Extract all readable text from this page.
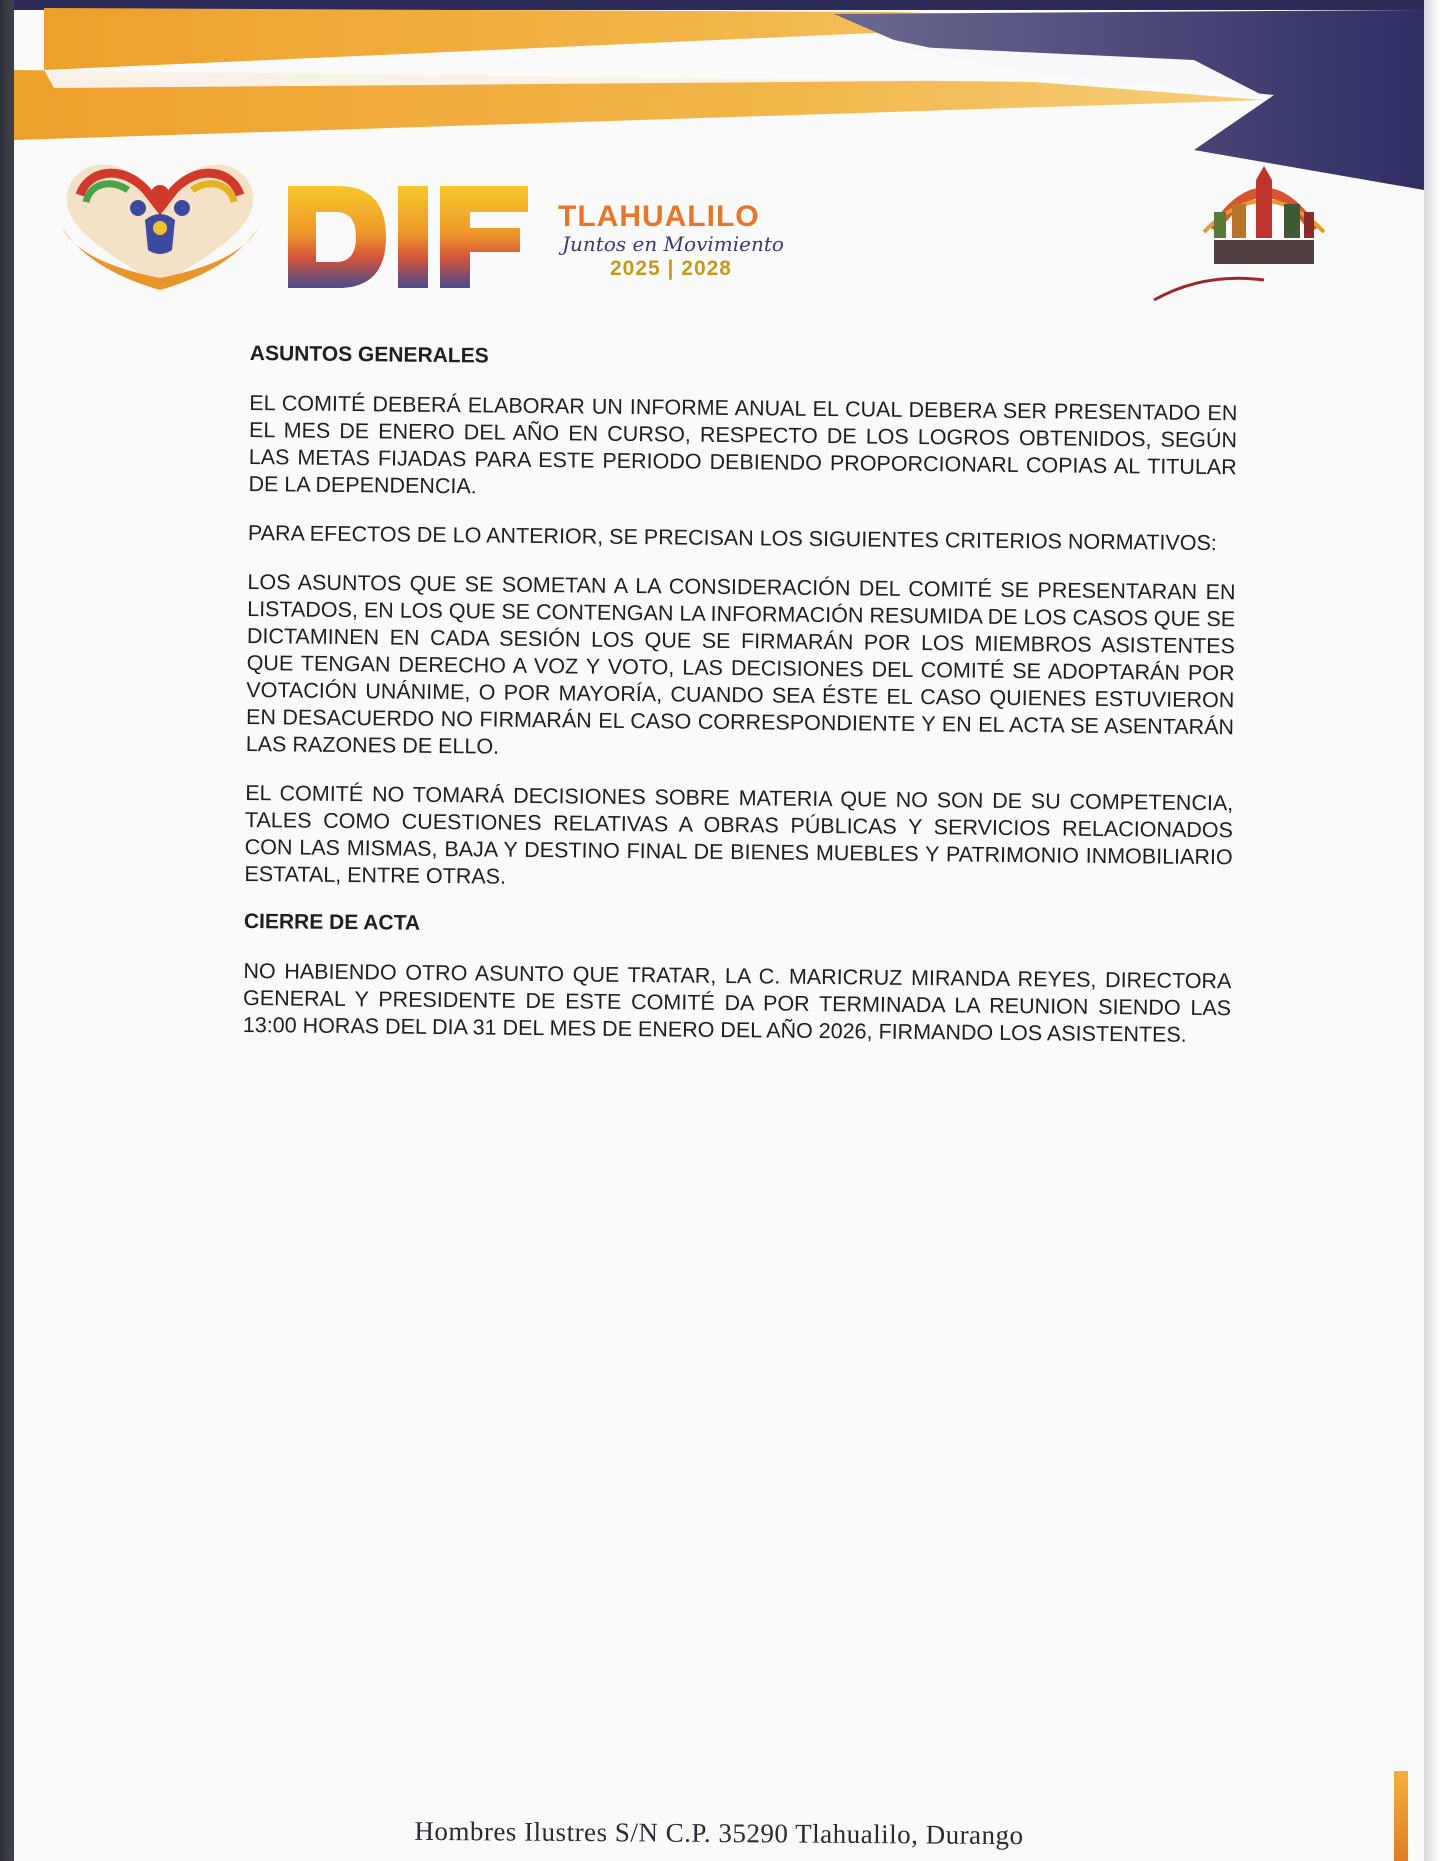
TLAHUALILO
Juntos en Movimiento
2025 | 2028
ASUNTOS GENERALES

EL COMITÉ DEBERÁ ELABORAR UN INFORME ANUAL EL CUAL DEBERA SER PRESENTADO EN EL MES DE ENERO DEL AÑO EN CURSO, RESPECTO DE LOS LOGROS OBTENIDOS, SEGÚN LAS METAS FIJADAS PARA ESTE PERIODO DEBIENDO PROPORCIONARL COPIAS AL TITULAR DE LA DEPENDENCIA.

PARA EFECTOS DE LO ANTERIOR, SE PRECISAN LOS SIGUIENTES CRITERIOS NORMATIVOS:

LOS ASUNTOS QUE SE SOMETAN A LA CONSIDERACIÓN DEL COMITÉ SE PRESENTARAN EN LISTADOS, EN LOS QUE SE CONTENGAN LA INFORMACIÓN RESUMIDA DE LOS CASOS QUE SE DICTAMINEN EN CADA SESIÓN LOS QUE SE FIRMARÁN POR LOS MIEMBROS ASISTENTES QUE TENGAN DERECHO A VOZ Y VOTO, LAS DECISIONES DEL COMITÉ SE ADOPTARÁN POR VOTACIÓN UNÁNIME, O POR MAYORÍA, CUANDO SEA ÉSTE EL CASO QUIENES ESTUVIERON EN DESACUERDO NO FIRMARÁN EL CASO CORRESPONDIENTE Y EN EL ACTA SE ASENTARÁN LAS RAZONES DE ELLO.

EL COMITÉ NO TOMARÁ DECISIONES SOBRE MATERIA QUE NO SON DE SU COMPETENCIA, TALES COMO CUESTIONES RELATIVAS A OBRAS PÚBLICAS Y SERVICIOS RELACIONADOS CON LAS MISMAS, BAJA Y DESTINO FINAL DE BIENES MUEBLES Y PATRIMONIO INMOBILIARIO ESTATAL, ENTRE OTRAS.

CIERRE DE ACTA

NO HABIENDO OTRO ASUNTO QUE TRATAR, LA C. MARICRUZ MIRANDA REYES, DIRECTORA GENERAL Y PRESIDENTE DE ESTE COMITÉ DA POR TERMINADA LA REUNION SIENDO LAS 13:00 HORAS DEL DIA 31 DEL MES DE ENERO DEL AÑO 2026, FIRMANDO LOS ASISTENTES.

Hombres Ilustres S/N C.P. 35290 Tlahualilo, Durango
